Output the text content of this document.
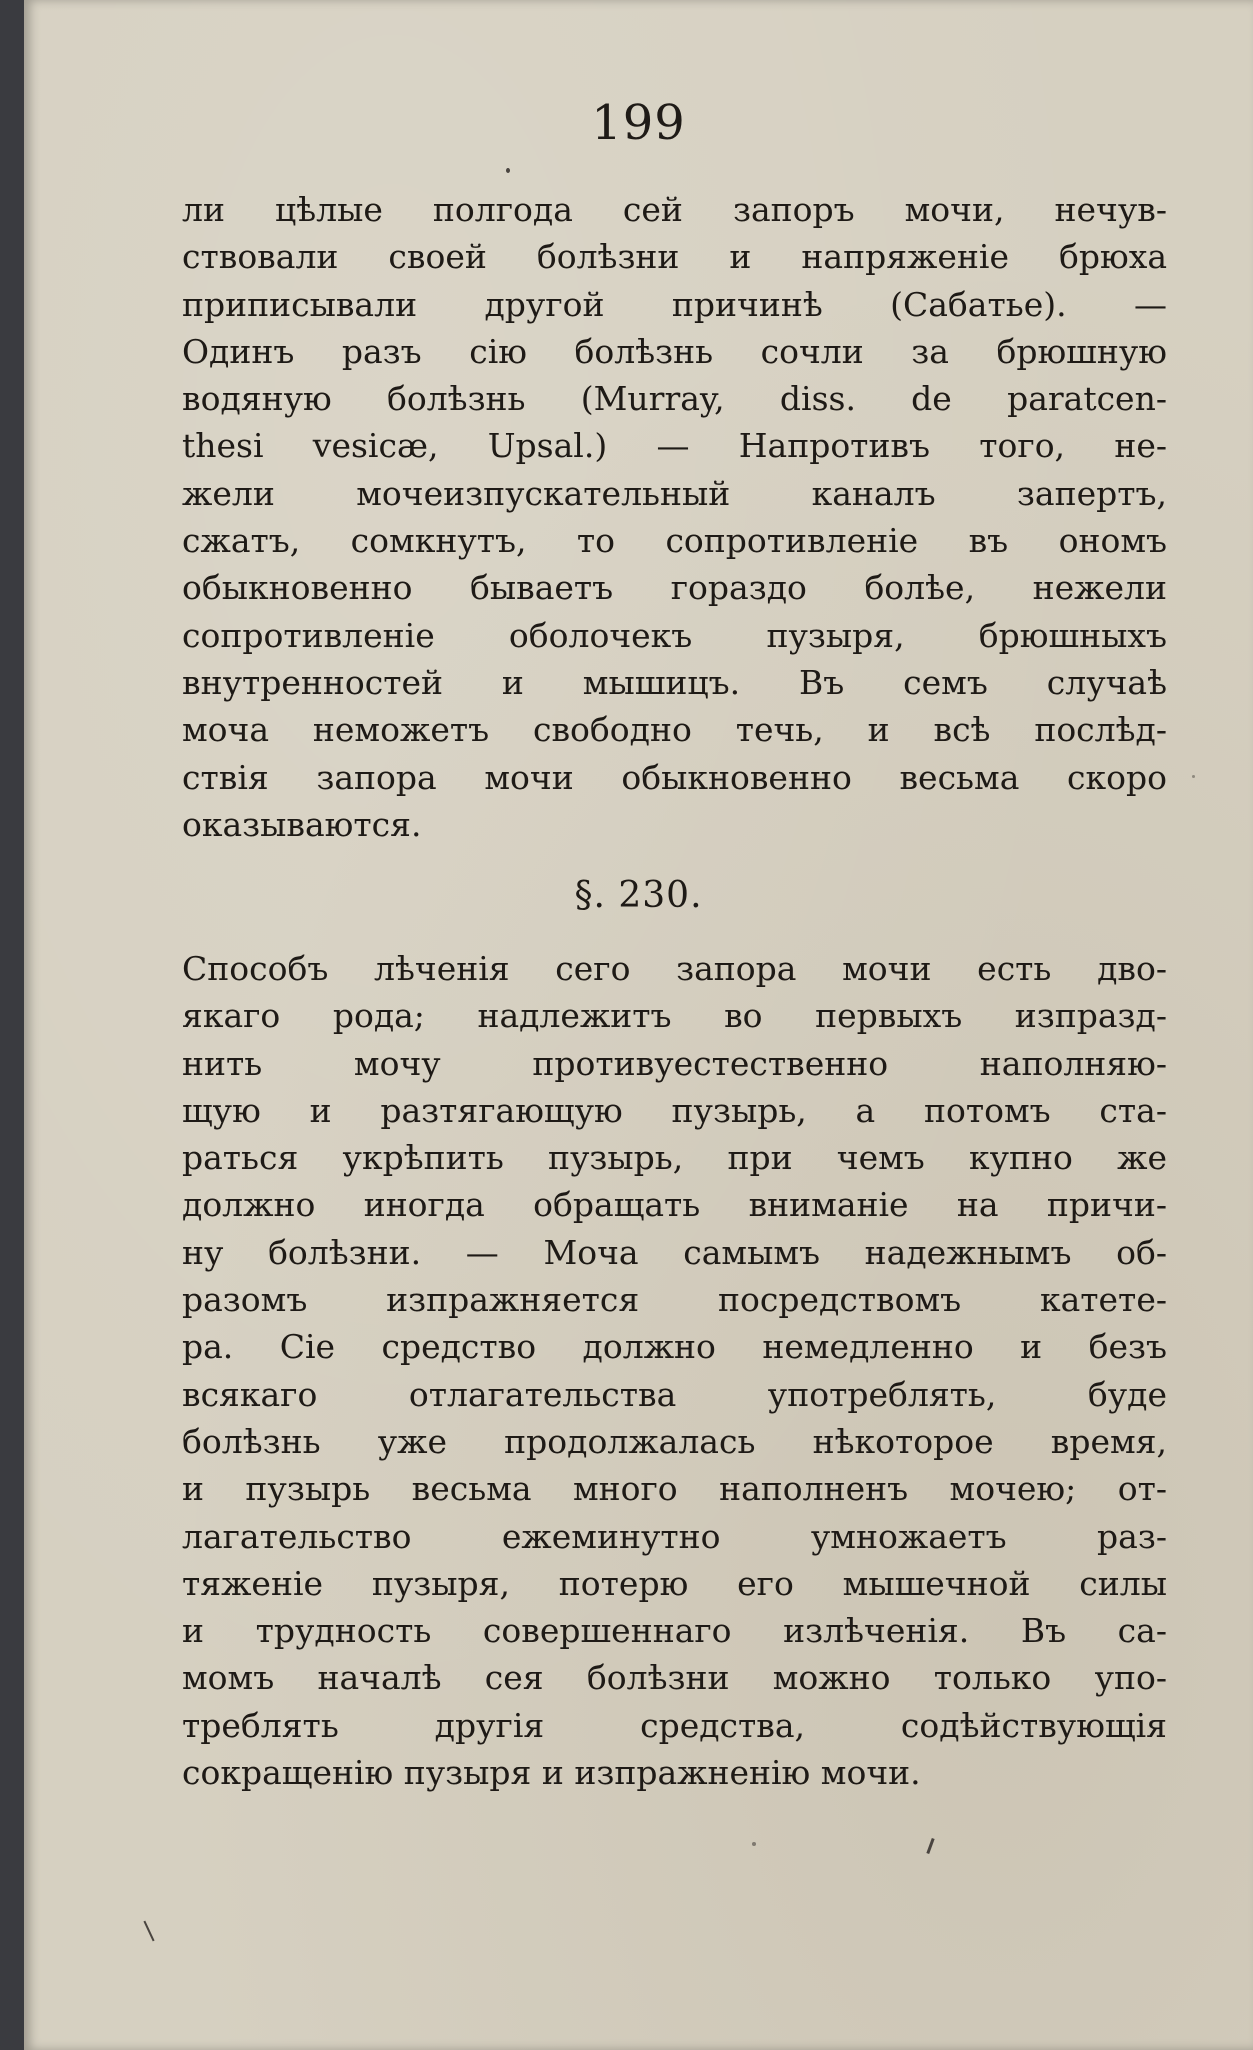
199
ли цѣлые полгода сей запоръ мочи, нечув-
ствовали своей болѣзни и напряженіе брюха
приписывали другой причинѣ (Сабатье). —
Одинъ разъ сію болѣзнь сочли за брюшную
водяную болѣзнь (Murray, diss. de paratcen-
thesi vesicæ, Upsal.) — Напротивъ того, не-
жели мочеизпускательный каналъ запертъ,
сжатъ, сомкнутъ, то сопротивленіе въ ономъ
обыкновенно бываетъ гораздо болѣе, нежели
сопротивленіе оболочекъ пузыря, брюшныхъ
внутренностей и мышицъ. Въ семъ случаѣ
моча неможетъ свободно течь, и всѣ послѣд-
ствія запора мочи обыкновенно весьма скоро
оказываются.
§. 230.
Способъ лѣченія сего запора мочи есть дво-
якаго рода; надлежитъ во первыхъ изпразд-
нить мочу противуестественно наполняю-
щую и разтягающую пузырь, а потомъ ста-
раться укрѣпить пузырь, при чемъ купно же
должно иногда обращать вниманіе на причи-
ну болѣзни. — Моча самымъ надежнымъ об-
разомъ изпражняется посредствомъ катете-
ра. Сіе средство должно немедленно и безъ
всякаго отлагательства употреблять, буде
болѣзнь уже продолжалась нѣкоторое время,
и пузырь весьма много наполненъ мочею; от-
лагательство ежеминутно умножаетъ раз-
тяженіе пузыря, потерю его мышечной силы
и трудность совершеннаго излѣченія. Въ са-
момъ началѣ сея болѣзни можно только упо-
треблять другія средства, содѣйствующія
сокращенію пузыря и изпражненію мочи.
